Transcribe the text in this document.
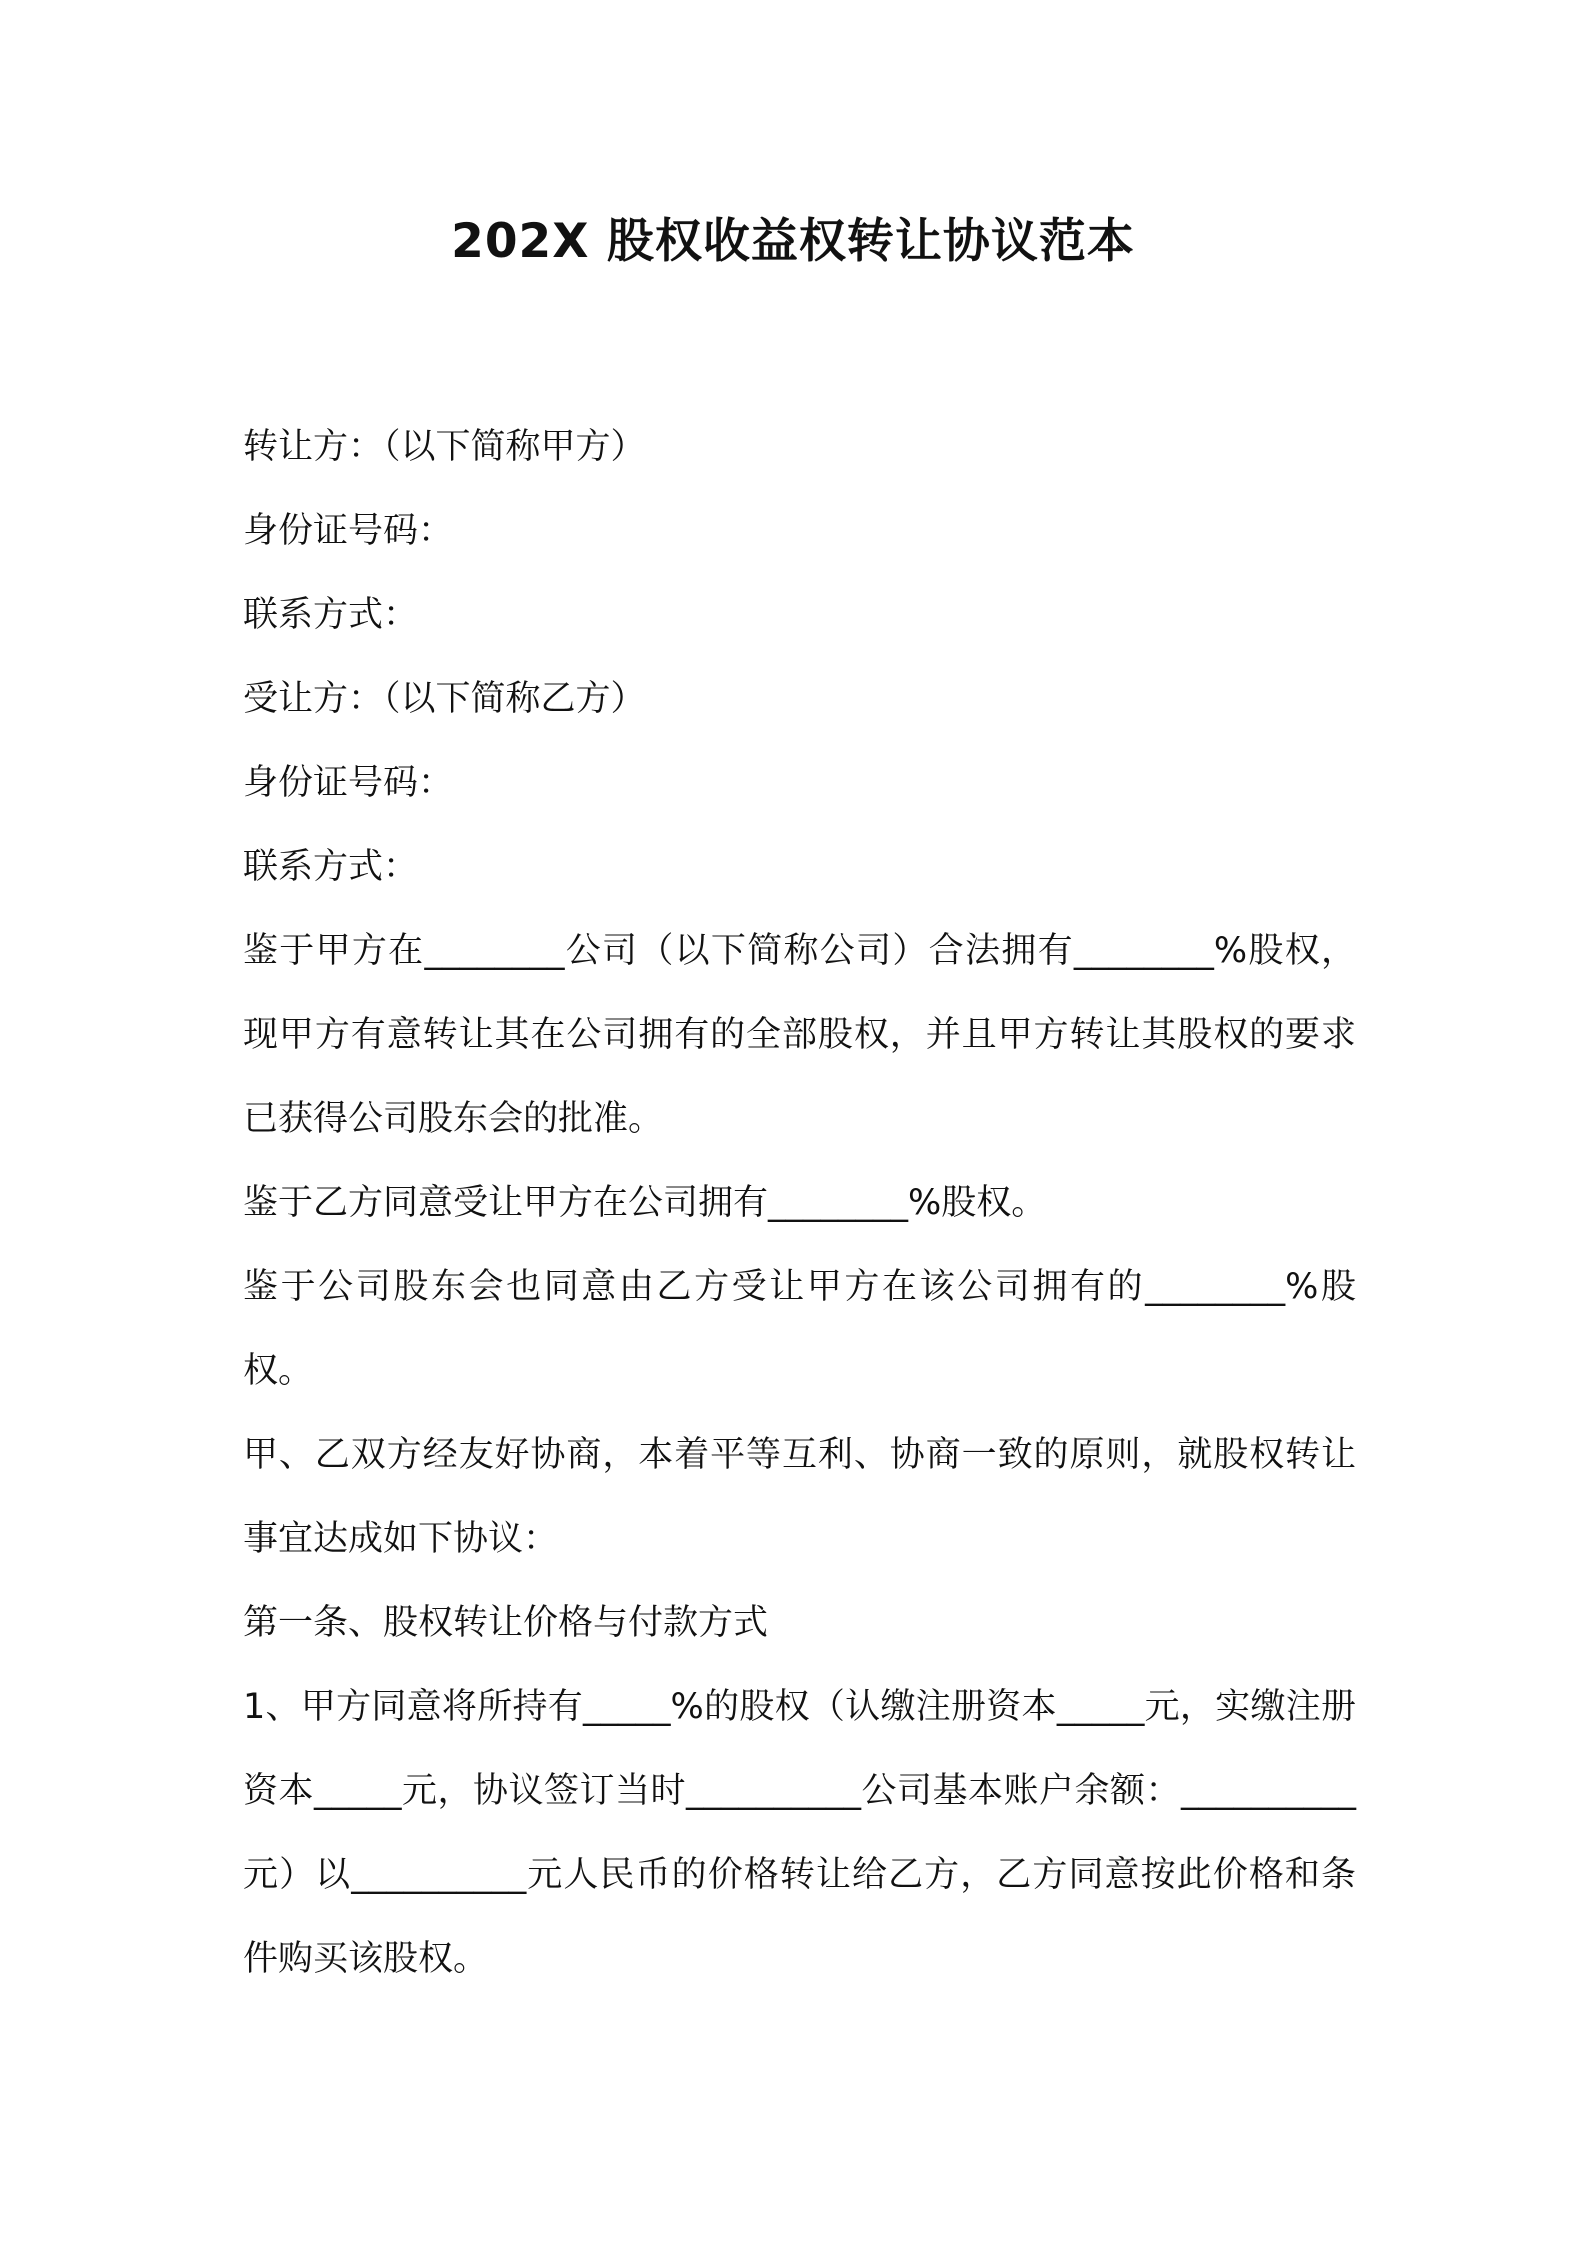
202X 股权收益权转让协议范本

转让方：（以下简称甲方）

身份证号码：

联系方式：

受让方：（以下简称乙方）

身份证号码：

联系方式：

鉴于甲方在________公司（以下简称公司）合法拥有________%股权，现甲方有意转让其在公司拥有的全部股权，并且甲方转让其股权的要求已获得公司股东会的批准。

鉴于乙方同意受让甲方在公司拥有________%股权。

鉴于公司股东会也同意由乙方受让甲方在该公司拥有的________%股权。

甲、乙双方经友好协商，本着平等互利、协商一致的原则，就股权转让事宜达成如下协议：

第一条、股权转让价格与付款方式

1、甲方同意将所持有_____%的股权（认缴注册资本_____元，实缴注册资本_____元，协议签订当时__________公司基本账户余额：__________元）以__________元人民币的价格转让给乙方，乙方同意按此价格和条件购买该股权。
